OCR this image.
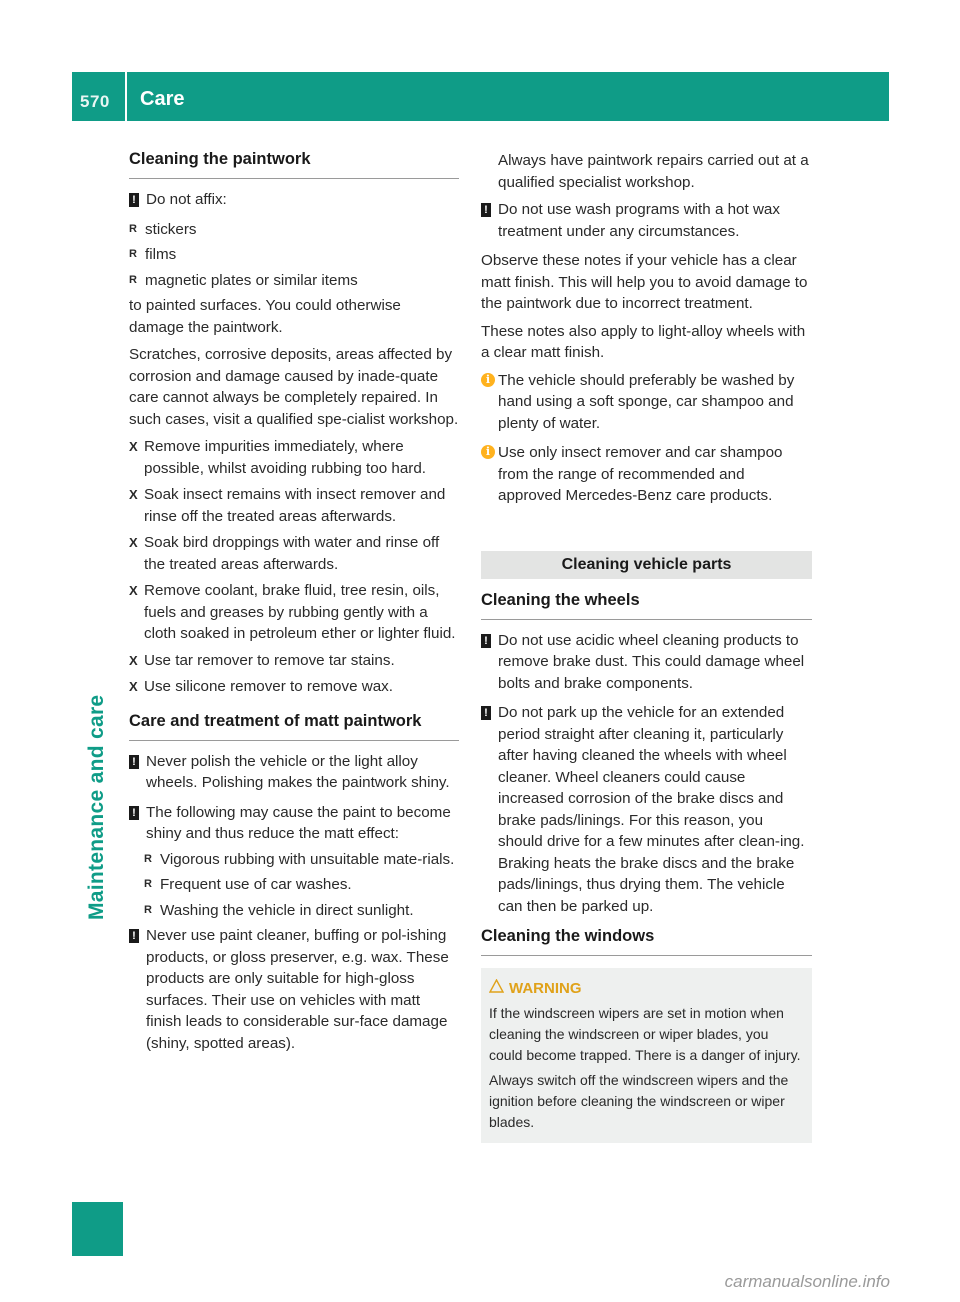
570	Care
Maintenance and care
Cleaning the paintwork
! Do not affix:
R stickers
R films
R magnetic plates or similar items

to painted surfaces. You could otherwise damage the paintwork.

Scratches, corrosive deposits, areas affected by corrosion and damage caused by inade-quate care cannot always be completely repaired. In such cases, visit a qualified spe-cialist workshop.

X Remove impurities immediately, where possible, whilst avoiding rubbing too hard.
X Soak insect remains with insect remover and rinse off the treated areas afterwards.
X Soak bird droppings with water and rinse off the treated areas afterwards.
X Remove coolant, brake fluid, tree resin, oils, fuels and greases by rubbing gently with a cloth soaked in petroleum ether or lighter fluid.
X Use tar remover to remove tar stains.
X Use silicone remover to remove wax.
Care and treatment of matt paintwork
! Never polish the vehicle or the light alloy wheels. Polishing makes the paintwork shiny.
! The following may cause the paint to become shiny and thus reduce the matt effect:
R Vigorous rubbing with unsuitable mate-rials.
R Frequent use of car washes.
R Washing the vehicle in direct sunlight.
! Never use paint cleaner, buffing or pol-ishing products, or gloss preserver, e.g. wax. These products are only suitable for high-gloss surfaces. Their use on vehicles with matt finish leads to considerable sur-face damage (shiny, spotted areas).

Always have paintwork repairs carried out at a qualified specialist workshop.

! Do not use wash programs with a hot wax treatment under any circumstances.

Observe these notes if your vehicle has a clear matt finish. This will help you to avoid damage to the paintwork due to incorrect treatment.

These notes also apply to light-alloy wheels with a clear matt finish.

i The vehicle should preferably be washed by hand using a soft sponge, car shampoo and plenty of water.
i Use only insect remover and car shampoo from the range of recommended and approved Mercedes-Benz care products.
Cleaning vehicle parts
Cleaning the wheels
! Do not use acidic wheel cleaning products to remove brake dust. This could damage wheel bolts and brake components.
! Do not park up the vehicle for an extended period straight after cleaning it, particularly after having cleaned the wheels with wheel cleaner. Wheel cleaners could cause increased corrosion of the brake discs and brake pads/linings. For this reason, you should drive for a few minutes after clean-ing. Braking heats the brake discs and the brake pads/linings, thus drying them. The vehicle can then be parked up.
Cleaning the windows
WARNING

If the windscreen wipers are set in motion when cleaning the windscreen or wiper blades, you could become trapped. There is a danger of injury.

Always switch off the windscreen wipers and the ignition before cleaning the windscreen or wiper blades.

carmanualsonline.info
